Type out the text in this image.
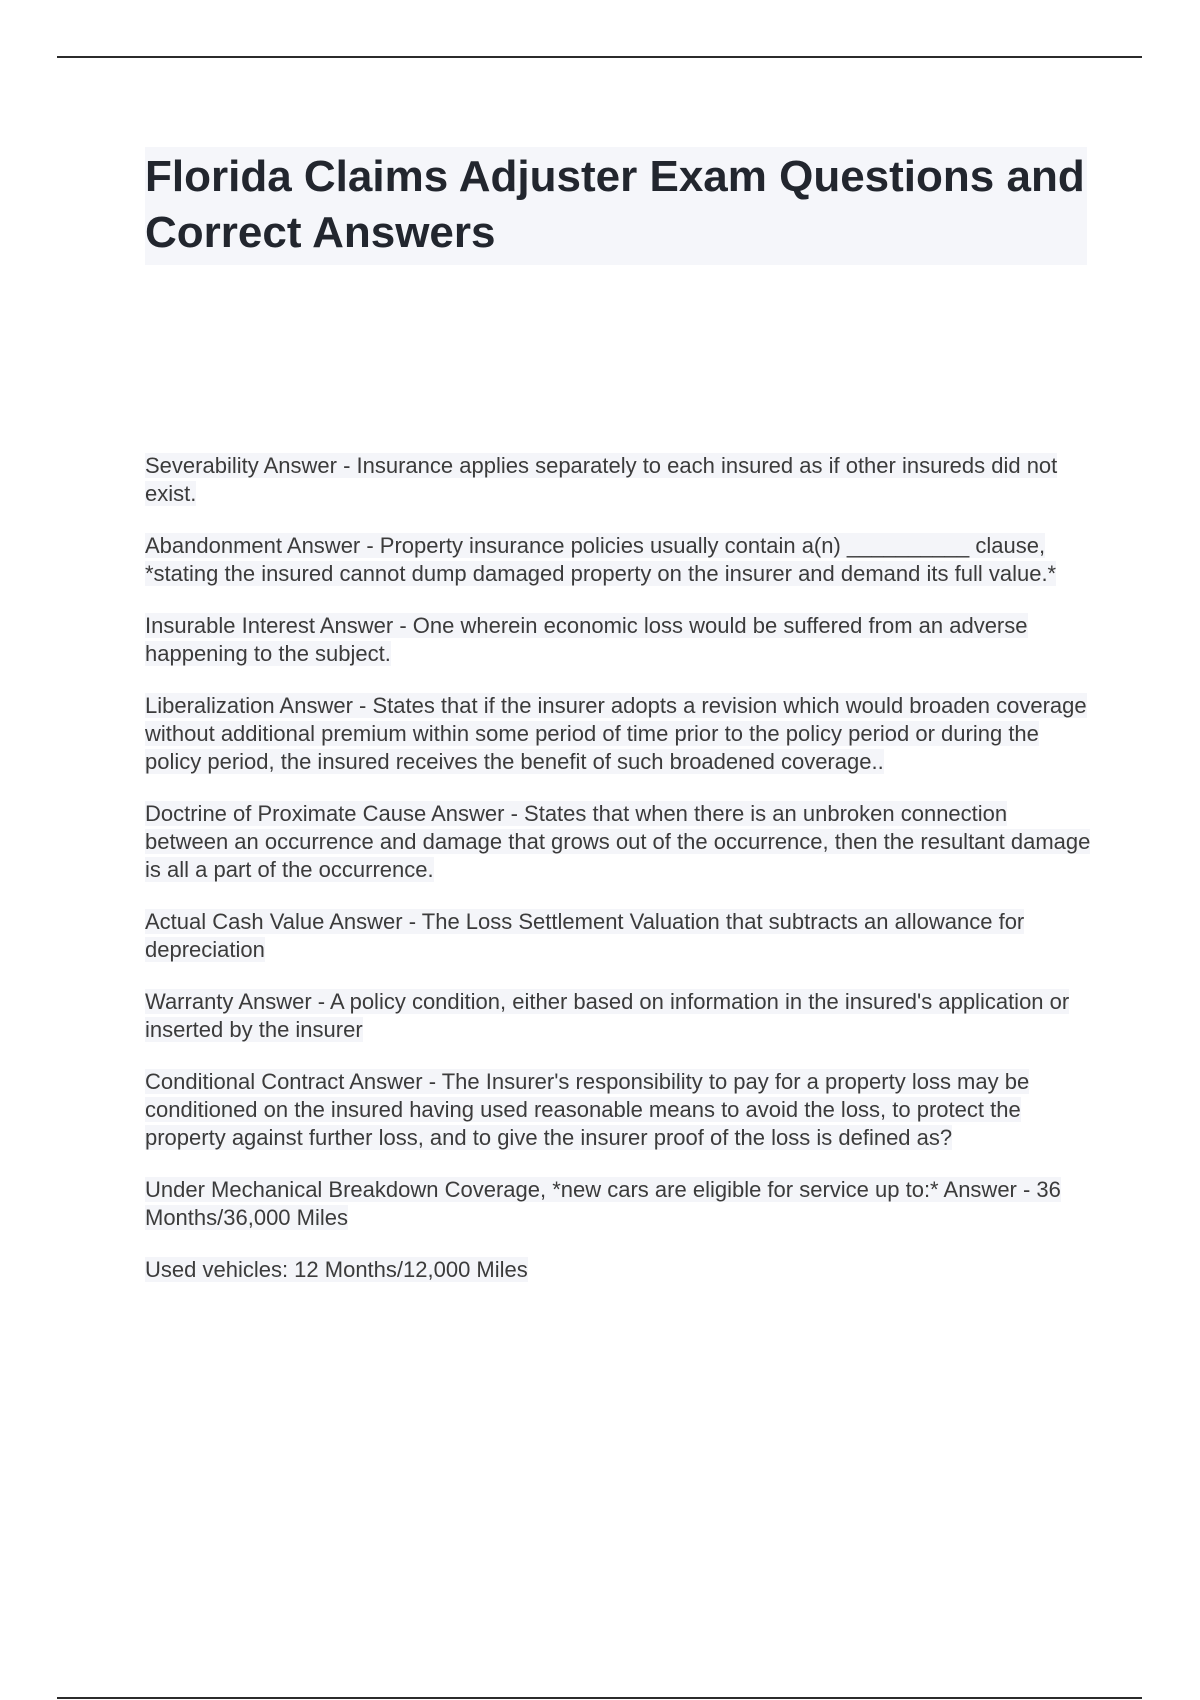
Florida Claims Adjuster Exam Questions and Correct Answers

Severability Answer - Insurance applies separately to each insured as if other insureds did not exist.

Abandonment Answer - Property insurance policies usually contain a(n) __________ clause, *stating the insured cannot dump damaged property on the insurer and demand its full value.*

Insurable Interest Answer - One wherein economic loss would be suffered from an adverse happening to the subject.

Liberalization Answer - States that if the insurer adopts a revision which would broaden coverage without additional premium within some period of time prior to the policy period or during the policy period, the insured receives the benefit of such broadened coverage..

Doctrine of Proximate Cause Answer - States that when there is an unbroken connection between an occurrence and damage that grows out of the occurrence, then the resultant damage is all a part of the occurrence.

Actual Cash Value Answer - The Loss Settlement Valuation that subtracts an allowance for depreciation

Warranty Answer - A policy condition, either based on information in the insured's application or inserted by the insurer

Conditional Contract Answer - The Insurer's responsibility to pay for a property loss may be conditioned on the insured having used reasonable means to avoid the loss, to protect the property against further loss, and to give the insurer proof of the loss is defined as?

Under Mechanical Breakdown Coverage, *new cars are eligible for service up to:* Answer - 36 Months/36,000 Miles

Used vehicles: 12 Months/12,000 Miles
